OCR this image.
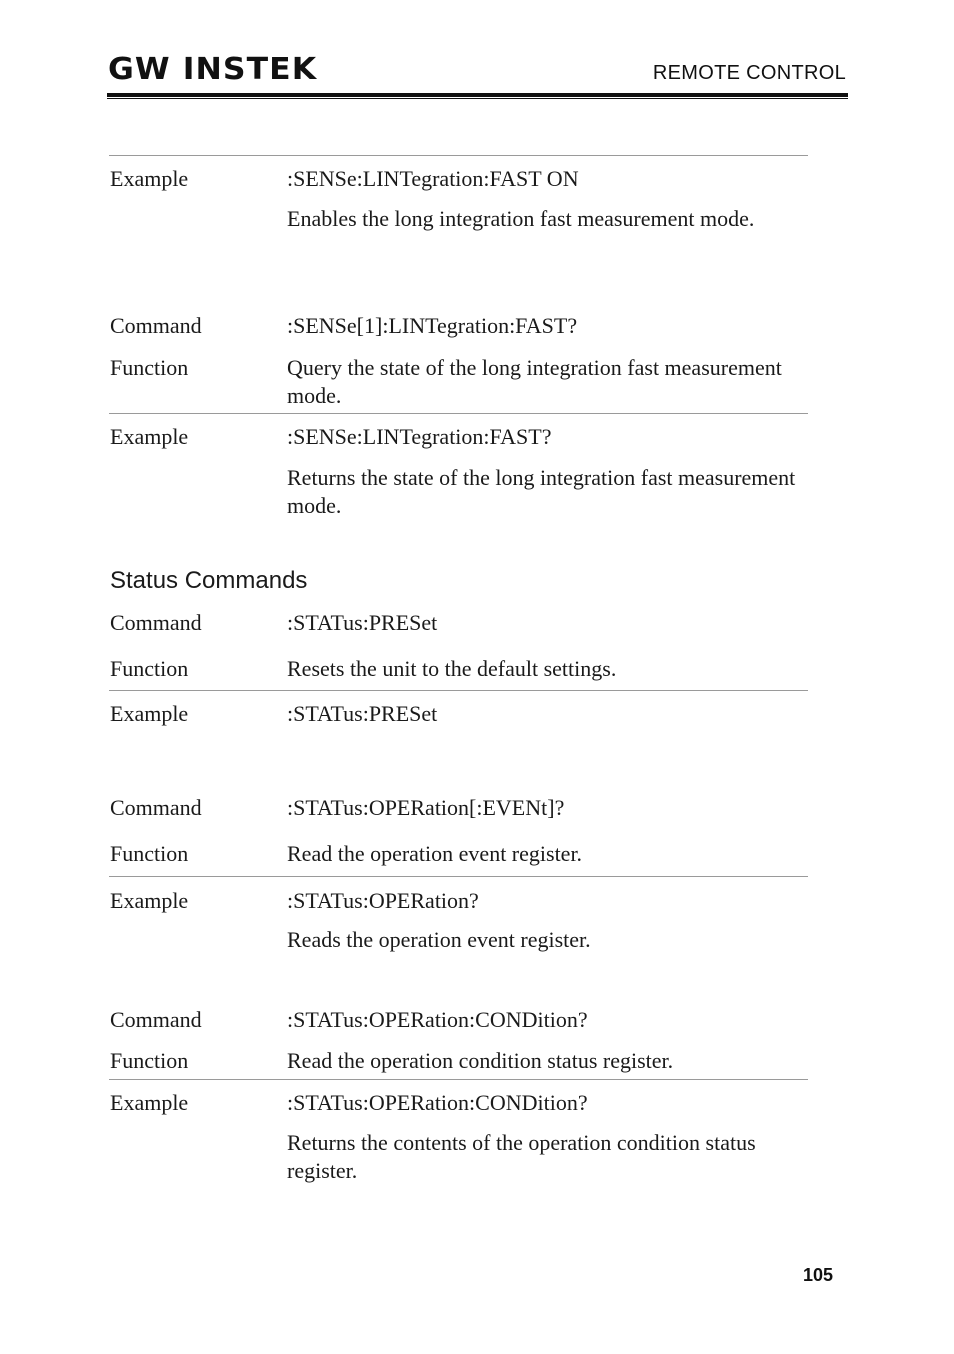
GW INSTEK	REMOTE CONTROL
Example	:SENSe:LINTegration:FAST ON
Enables the long integration fast measurement mode.
Command	:SENSe[1]:LINTegration:FAST?
Function	Query the state of the long integration fast measurement mode.
Example	:SENSe:LINTegration:FAST?
Returns the state of the long integration fast measurement mode.
Status Commands
Command	:STATus:PRESet
Function	Resets the unit to the default settings.
Example	:STATus:PRESet
Command	:STATus:OPERation[:EVENt]?
Function	Read the operation event register.
Example	:STATus:OPERation?
Reads the operation event register.
Command	:STATus:OPERation:CONDition?
Function	Read the operation condition status register.
Example	:STATus:OPERation:CONDition?
Returns the contents of the operation condition status register.
105
